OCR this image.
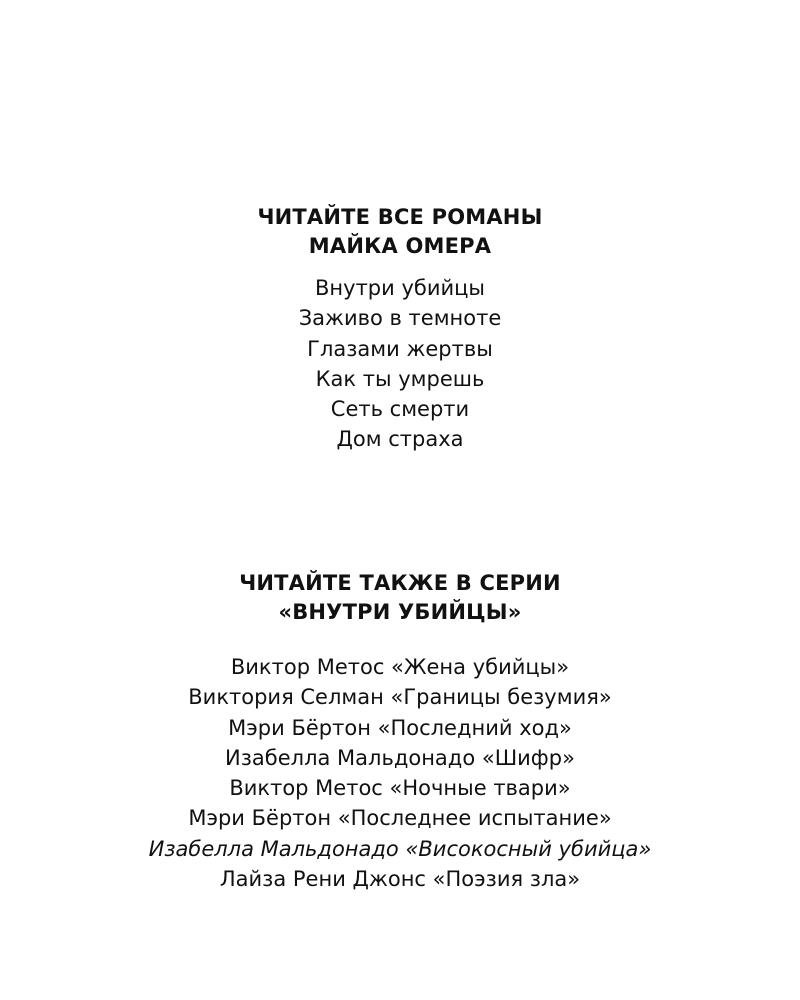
ЧИТАЙТЕ ВСЕ РОМАНЫ
МАЙКА ОМЕРА
Внутри убийцы
Заживо в темноте
Глазами жертвы
Как ты умрешь
Сеть смерти
Дом страха
ЧИТАЙТЕ ТАКЖЕ В СЕРИИ
«ВНУТРИ УБИЙЦЫ»
Виктор Метос «Жена убийцы»
Виктория Селман «Границы безумия»
Мэри Бёртон «Последний ход»
Изабелла Мальдонадо «Шифр»
Виктор Метос «Ночные твари»
Мэри Бёртон «Последнее испытание»
Изабелла Мальдонадо «Високосный убийца»
Лайза Рени Джонс «Поэзия зла»
